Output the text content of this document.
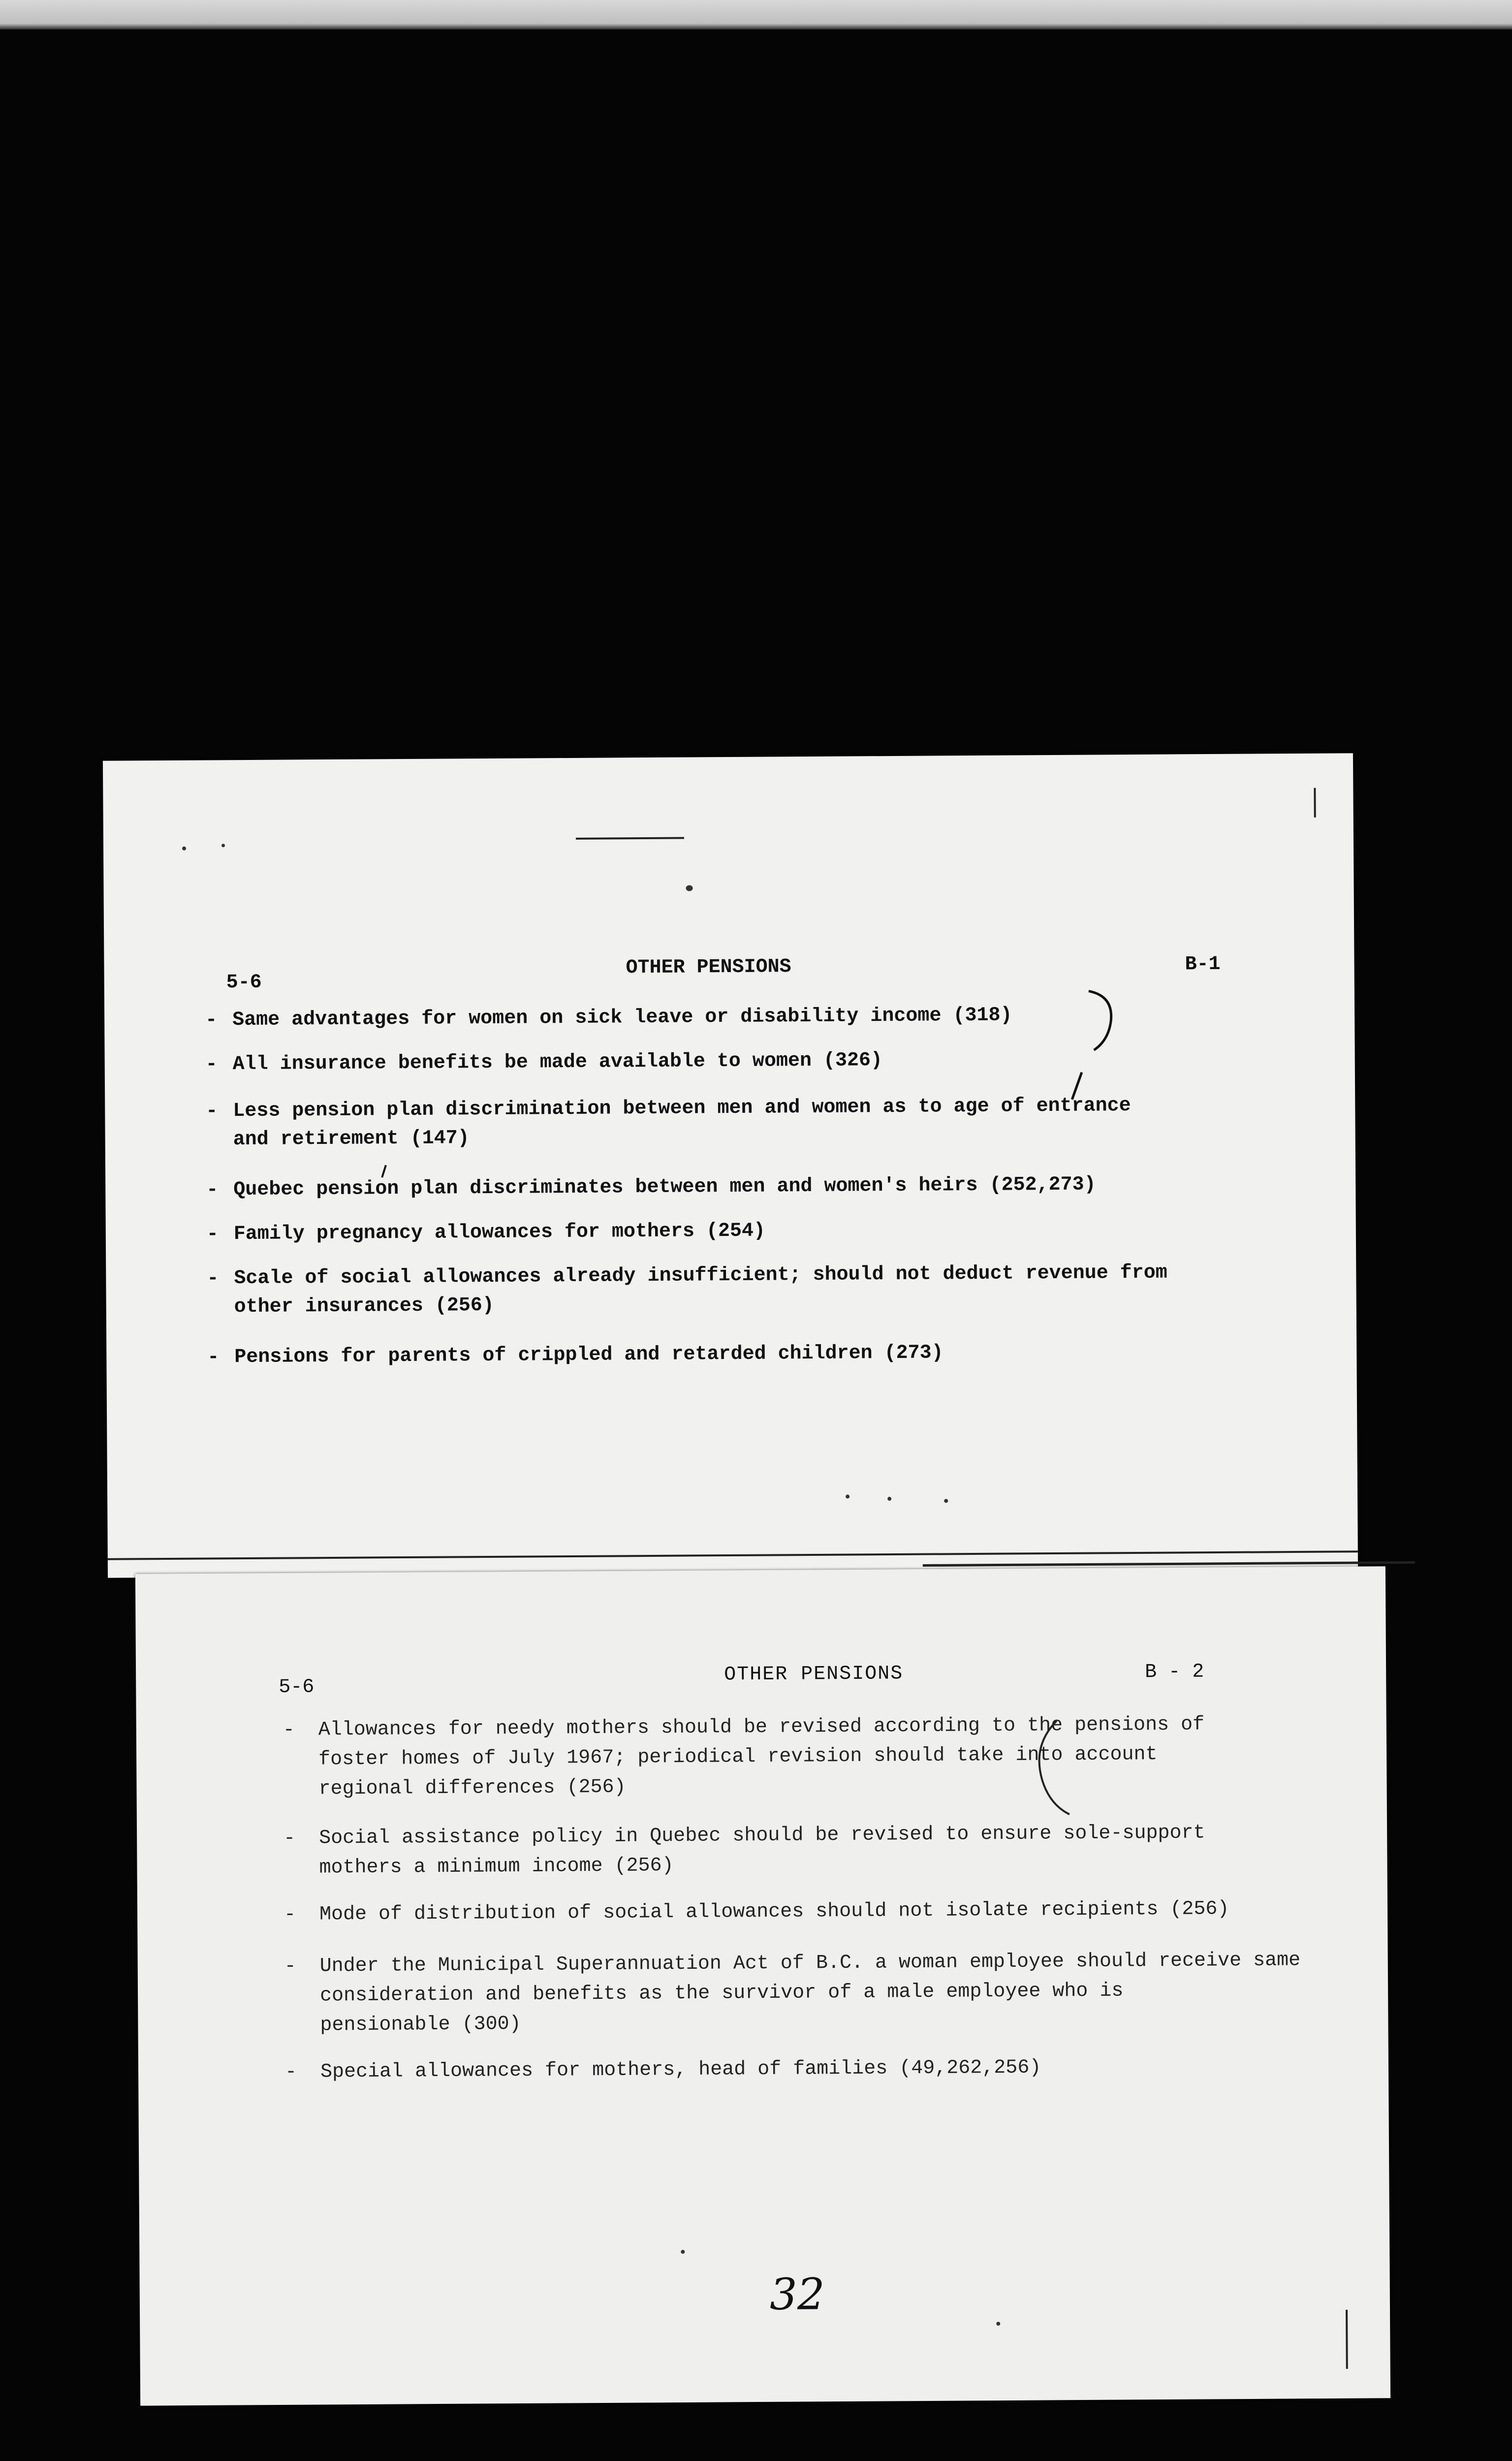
5-6
OTHER PENSIONS	B-1
- Same advantages for women on sick leave or disability income (318)
- All insurance benefits be made available to women (326)
- Less pension plan discrimination between men and women as to age of entrance
and retirement (147)
- Quebec pension plan discriminates between men and women's heirs (252,273)
- Family pregnancy allowances for mothers (254)
- Scale of social allowances already insufficient; should not deduct revenue from
other insurances (256)
- Pensions for parents of crippled and retarded children (273)
5-6
OTHER PENSIONS	B - 2
- Allowances for needy mothers should be revised according to the pensions of
foster homes of July 1967; periodical revision should take into account
regional differences (256)
- Social assistance policy in Quebec should be revised to ensure sole-support
mothers a minimum income (256)
- Mode of distribution of social allowances should not isolate recipients (256)
- Under the Municipal Superannuation Act of B.C. a woman employee should receive same
consideration and benefits as the survivor of a male employee who is
pensionable (300)
- Special allowances for mothers, head of families (49,262,256)
32
